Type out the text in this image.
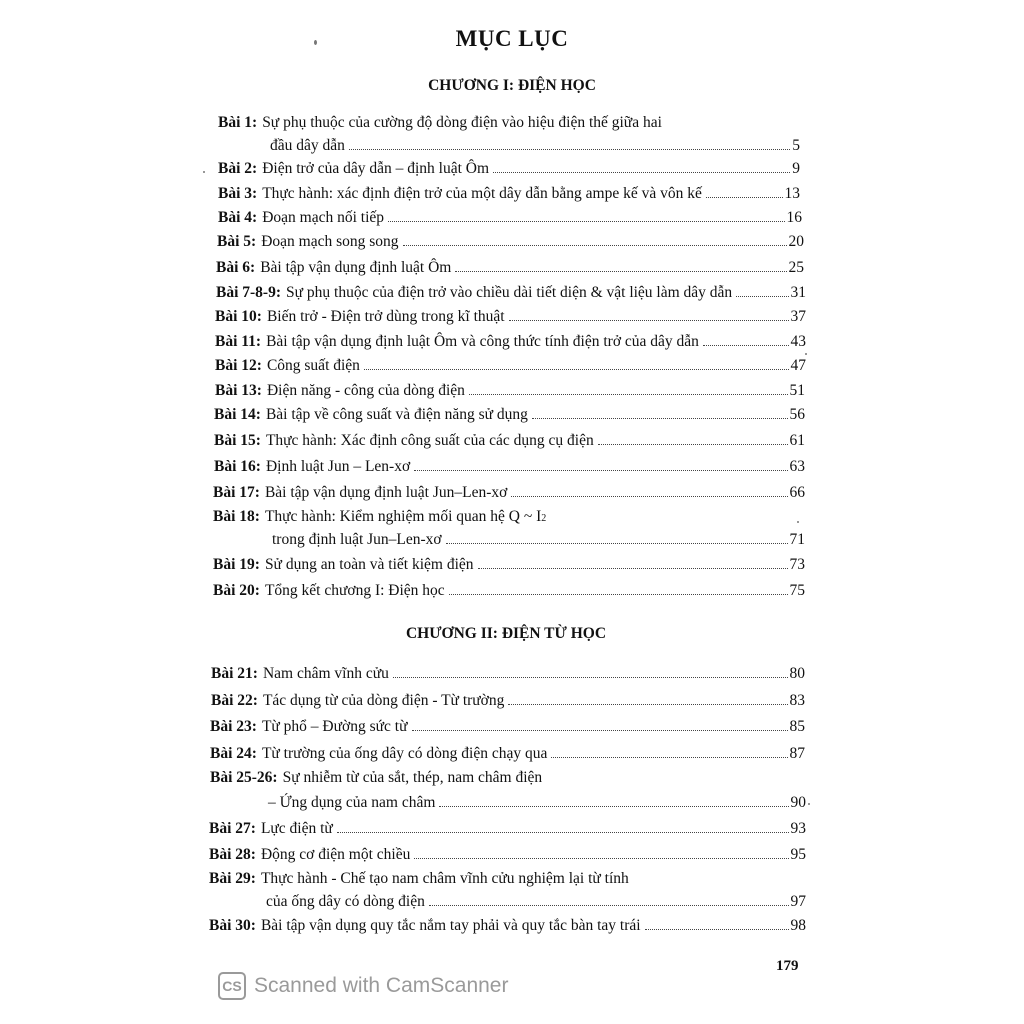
MỤC LỤC
CHƯƠNG I: ĐIỆN HỌC
CHƯƠNG II: ĐIỆN TỪ HỌC
Bài 1: Sự phụ thuộc của cường độ dòng điện vào hiệu điện thế giữa hai
đầu dây dẫn	5
Bài 2: Điện trở của dây dẫn – định luật Ôm	9
Bài 3: Thực hành: xác định điện trở của một dây dẫn bằng ampe kế và vôn kế	13
Bài 4: Đoạn mạch nối tiếp	16
Bài 5: Đoạn mạch song song	20
Bài 6: Bài tập vận dụng định luật Ôm	25
Bài 7-8-9: Sự phụ thuộc của điện trở vào chiều dài tiết diện & vật liệu làm dây dẫn	31
Bài 10: Biến trở - Điện trở dùng trong kĩ thuật	37
Bài 11: Bài tập vận dụng định luật Ôm và công thức tính điện trở của dây dẫn	43
Bài 12: Công suất điện	47
Bài 13: Điện năng - công của dòng điện	51
Bài 14: Bài tập về công suất và điện năng sử dụng	56
Bài 15: Thực hành: Xác định công suất của các dụng cụ điện	61
Bài 16: Định luật Jun – Len-xơ	63
Bài 17: Bài tập vận dụng định luật Jun–Len-xơ	66
Bài 18: Thực hành: Kiểm nghiệm mối quan hệ Q ~ I 2
trong định luật Jun–Len-xơ	71
Bài 19: Sử dụng an toàn và tiết kiệm điện	73
Bài 20: Tổng kết chương I: Điện học	75
Bài 21: Nam châm vĩnh cửu	80
Bài 22: Tác dụng từ của dòng điện - Từ trường	83
Bài 23: Từ phổ – Đường sức từ	85
Bài 24: Từ trường của ống dây có dòng điện chạy qua	87
Bài 25-26: Sự nhiễm từ của sắt, thép, nam châm điện
– Ứng dụng của nam châm	90
Bài 27: Lực điện từ	93
Bài 28: Động cơ điện một chiều	95
Bài 29: Thực hành - Chế tạo nam châm vĩnh cửu nghiệm lại từ tính
của ống dây có dòng điện	97
Bài 30: Bài tập vận dụng quy tắc nắm tay phải và quy tắc bàn tay trái	98
179
CS Scanned with CamScanner
